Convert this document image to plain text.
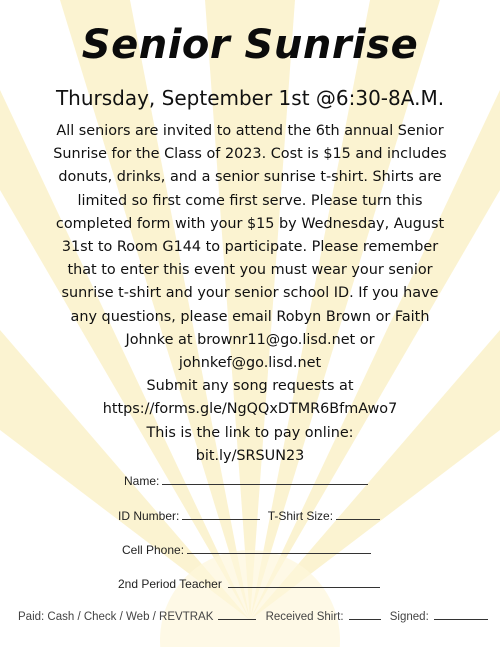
Senior Sunrise
Thursday, September 1st @6:30-8A.M.
All seniors are invited to attend the 6th annual Senior
Sunrise for the Class of 2023. Cost is $15 and includes
donuts, drinks, and a senior sunrise t-shirt. Shirts are
limited so first come first serve. Please turn this
completed form with your $15 by Wednesday, August
31st to Room G144 to participate. Please remember
that to enter this event you must wear your senior
sunrise t-shirt and your senior school ID. If you have
any questions, please email Robyn Brown or Faith
Johnke at brownr11@go.lisd.net or
johnkef@go.lisd.net
Submit any song requests at
https://forms.gle/NgQQxDTMR6BfmAwo7
This is the link to pay online:
bit.ly/SRSUN23
Name:
ID Number:	T-Shirt Size:
Cell Phone:
2nd Period Teacher
Paid: Cash / Check / Web / REVTRAK	Received Shirt:	Signed:
